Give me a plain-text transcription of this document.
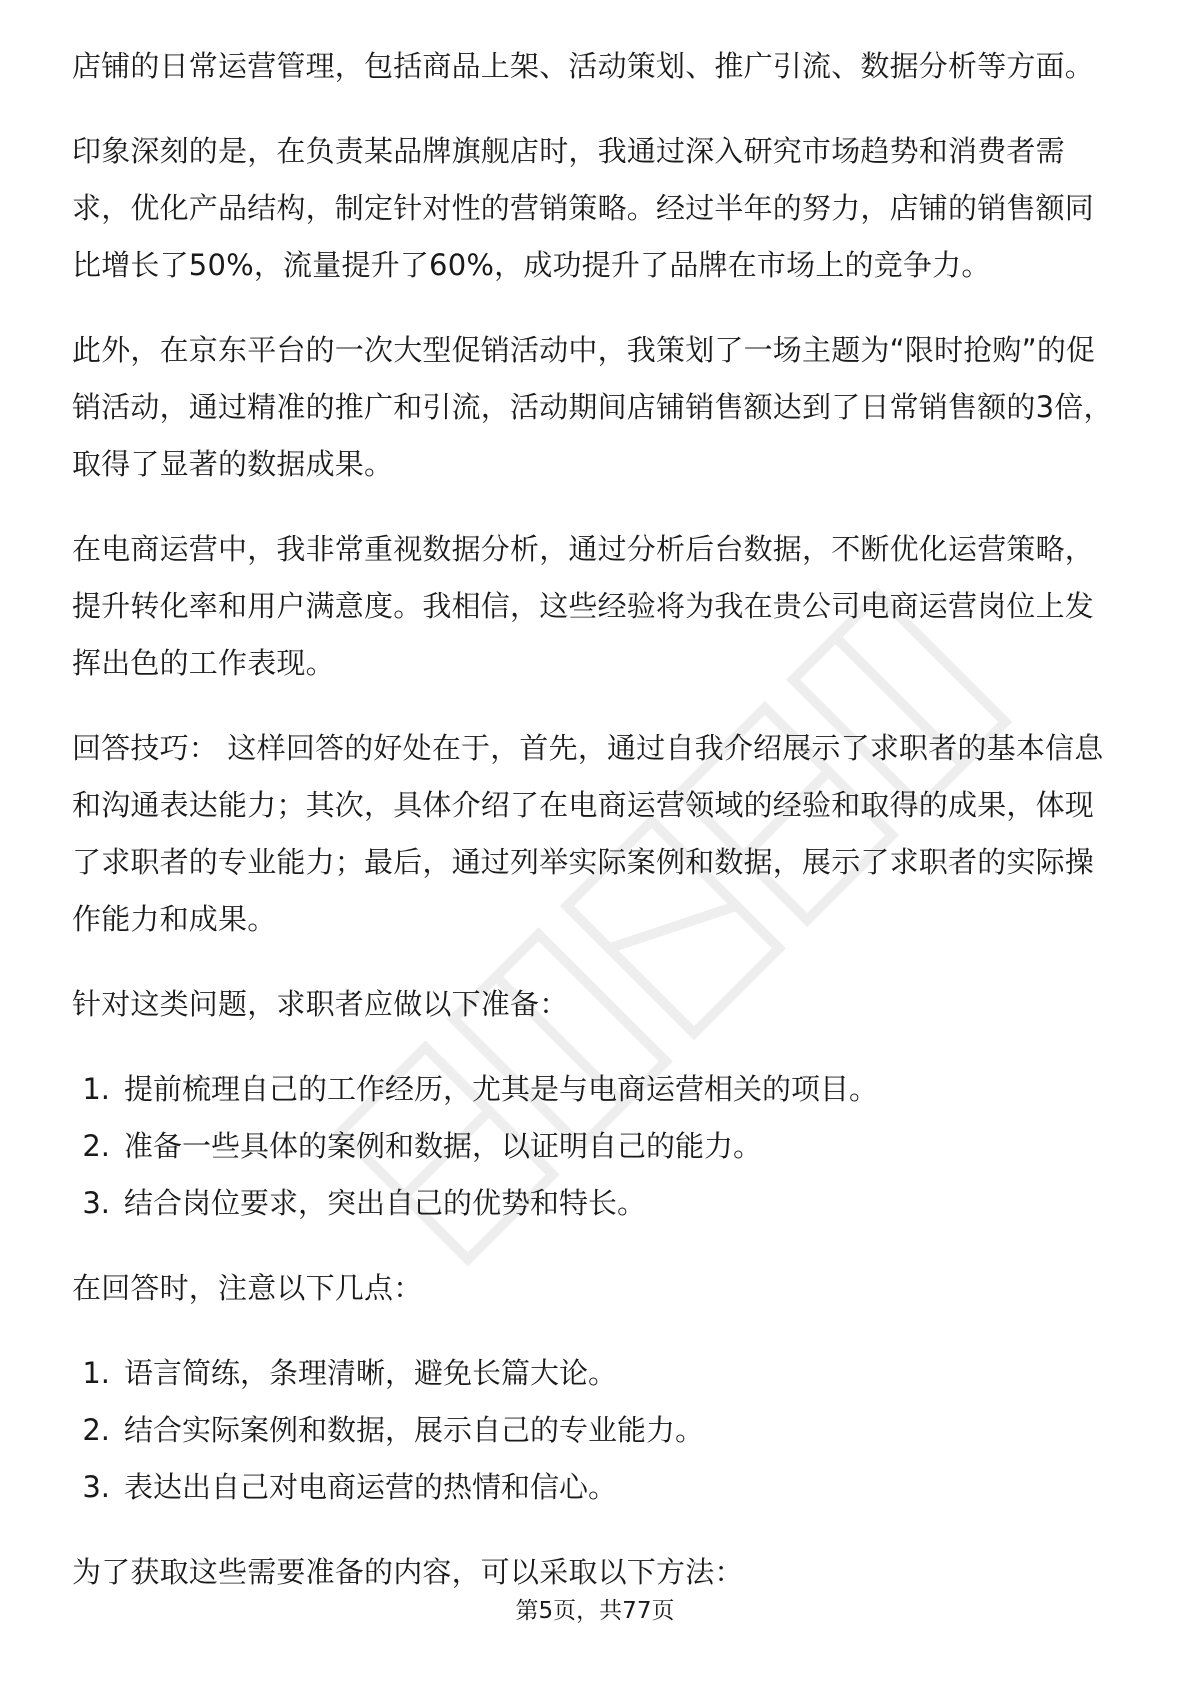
店铺的日常运营管理，包括商品上架、活动策划、推广引流、数据分析等方面。

印象深刻的是，在负责某品牌旗舰店时，我通过深入研究市场趋势和消费者需求，优化产品结构，制定针对性的营销策略。经过半年的努力，店铺的销售额同比增长了50%，流量提升了60%，成功提升了品牌在市场上的竞争力。

此外，在京东平台的一次大型促销活动中，我策划了一场主题为“限时抢购”的促销活动，通过精准的推广和引流，活动期间店铺销售额达到了日常销售额的3倍，取得了显著的数据成果。

在电商运营中，我非常重视数据分析，通过分析后台数据，不断优化运营策略，提升转化率和用户满意度。我相信，这些经验将为我在贵公司电商运营岗位上发挥出色的工作表现。

回答技巧： 这样回答的好处在于，首先，通过自我介绍展示了求职者的基本信息和沟通表达能力；其次，具体介绍了在电商运营领域的经验和取得的成果，体现了求职者的专业能力；最后，通过列举实际案例和数据，展示了求职者的实际操作能力和成果。

针对这类问题，求职者应做以下准备：

1. 提前梳理自己的工作经历，尤其是与电商运营相关的项目。
2. 准备一些具体的案例和数据，以证明自己的能力。
3. 结合岗位要求，突出自己的优势和特长。

在回答时，注意以下几点：

1. 语言简练，条理清晰，避免长篇大论。
2. 结合实际案例和数据，展示自己的专业能力。
3. 表达出自己对电商运营的热情和信心。

为了获取这些需要准备的内容，可以采取以下方法：

第5页，共77页
